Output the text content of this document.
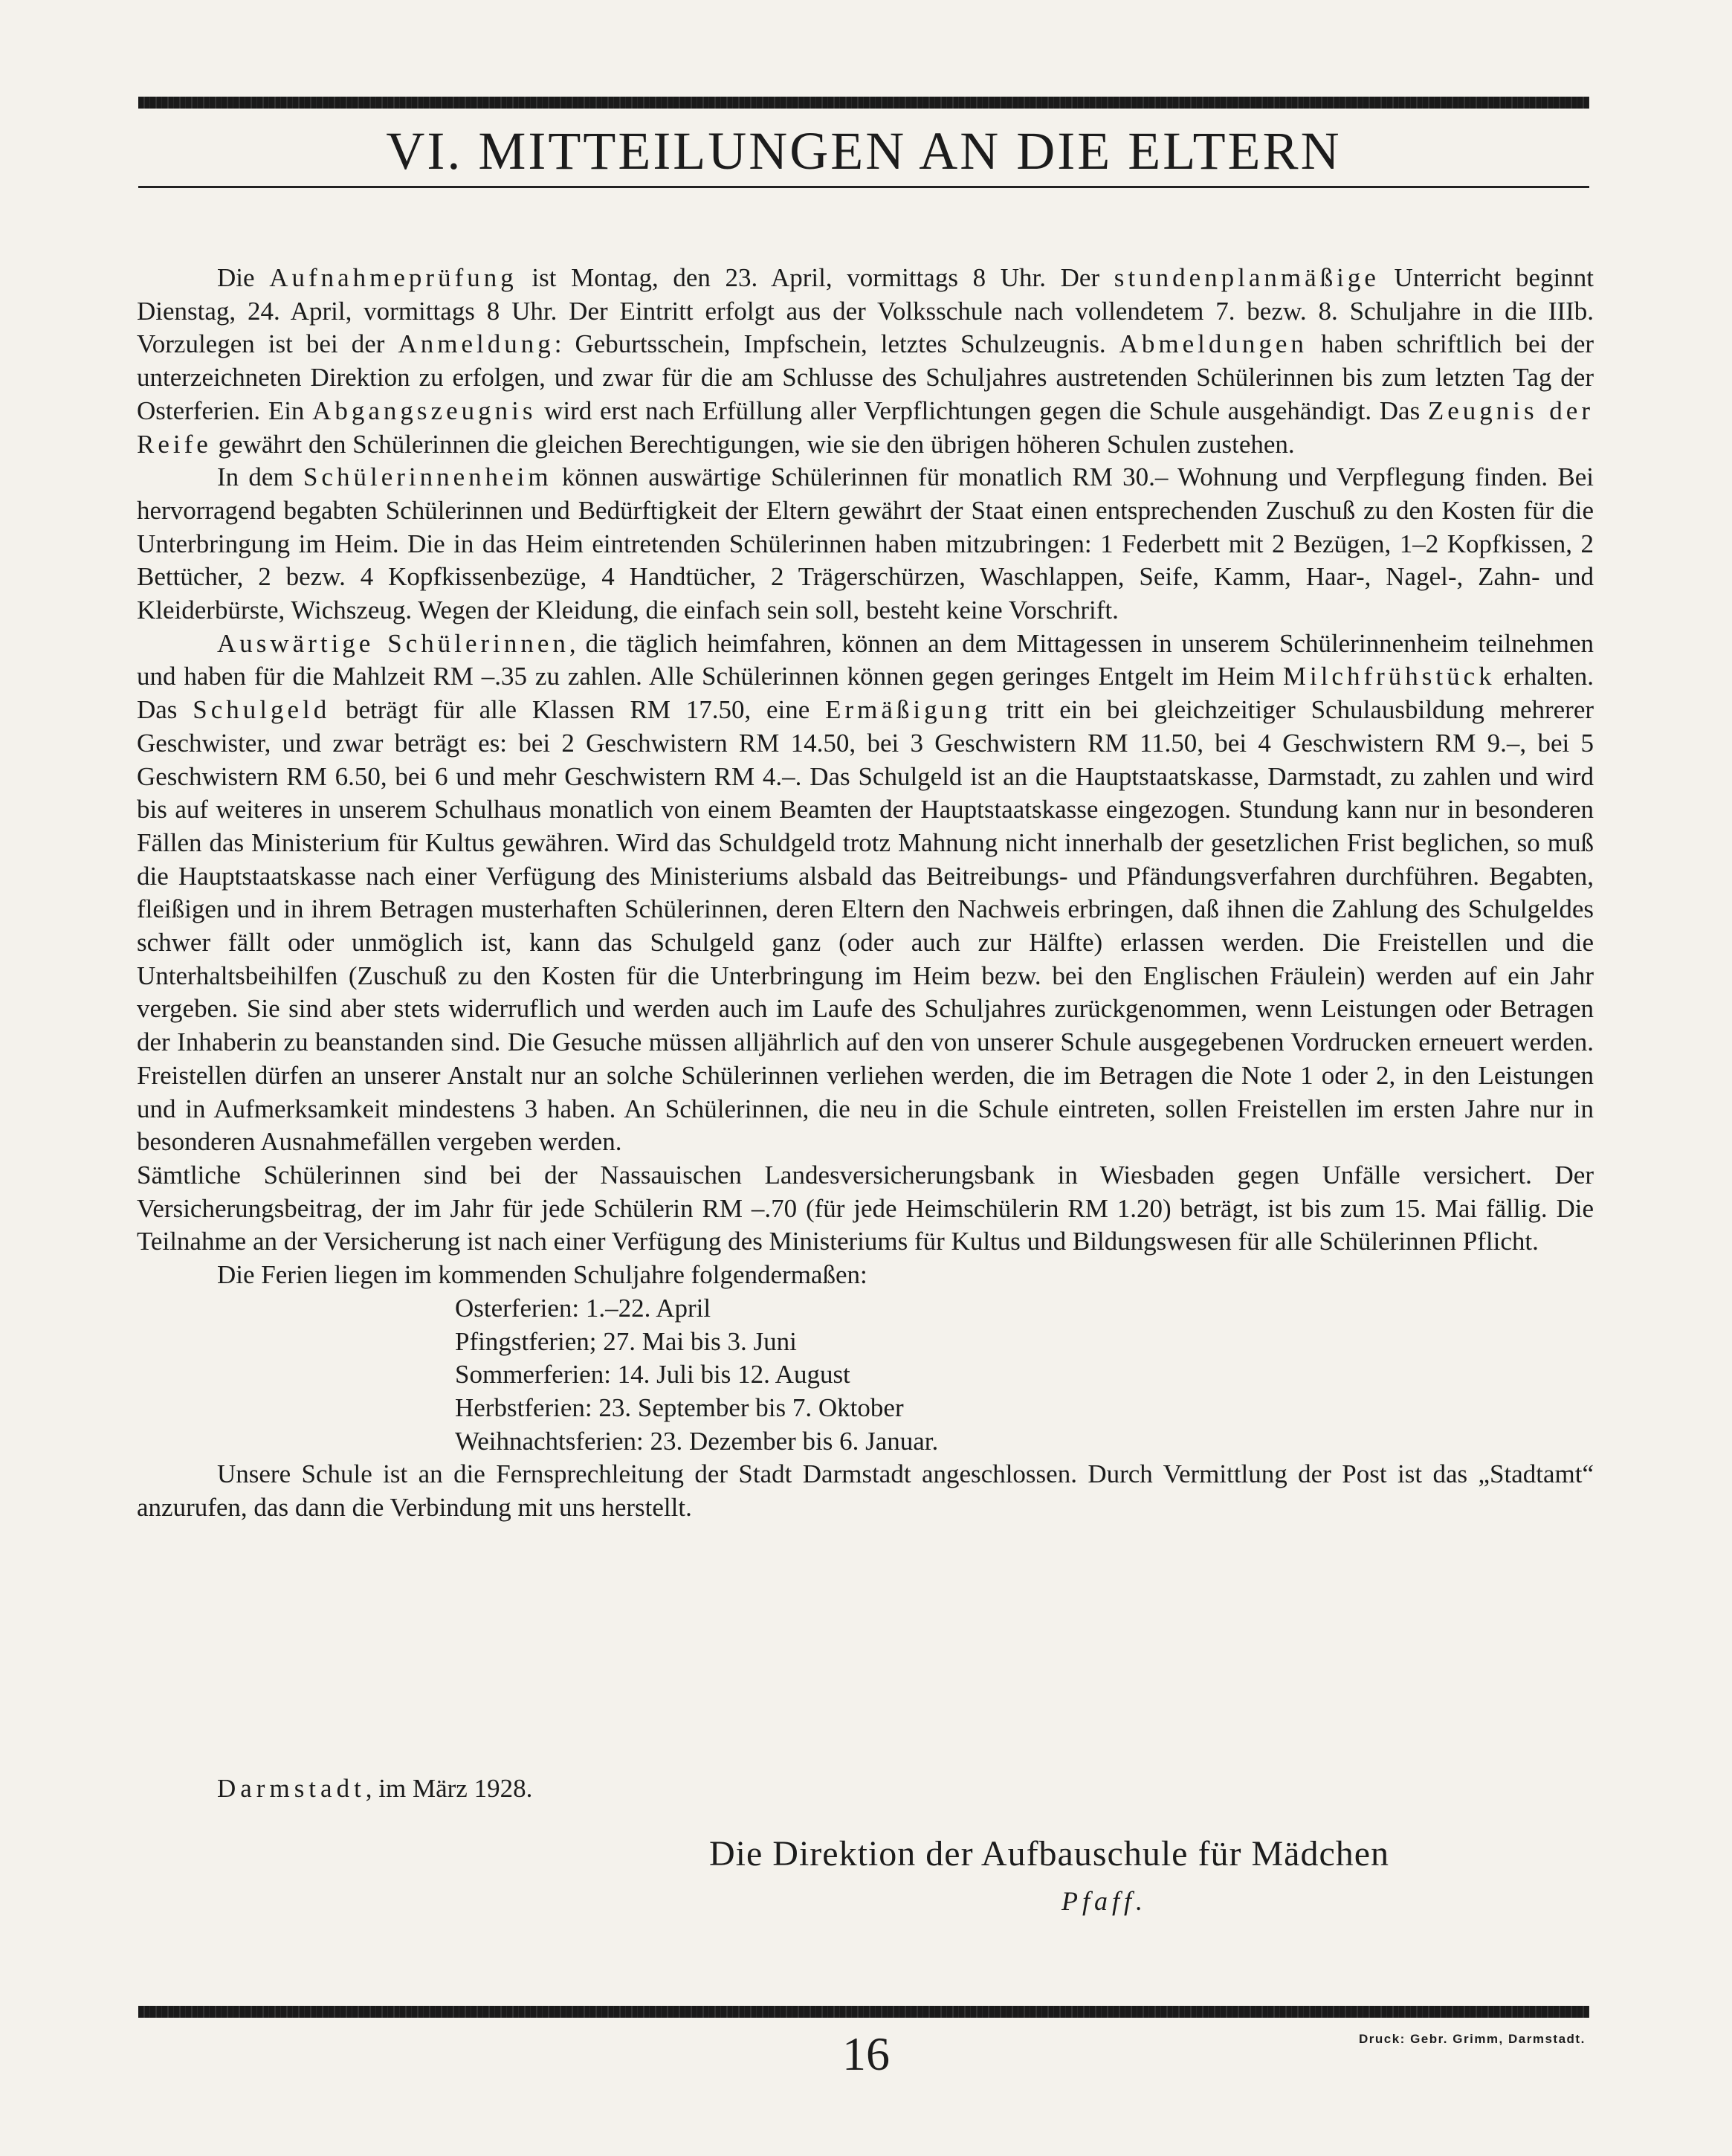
VI. MITTEILUNGEN AN DIE ELTERN

Die Aufnahmeprüfung ist Montag, den 23. April, vormittags 8 Uhr. Der stundenplanmäßige Unterricht beginnt Dienstag, 24. April, vormittags 8 Uhr. Der Eintritt erfolgt aus der Volksschule nach vollendetem 7. bezw. 8. Schuljahre in die IIIb. Vorzulegen ist bei der Anmeldung: Geburtsschein, Impfschein, letztes Schulzeugnis. Abmeldungen haben schriftlich bei der unterzeichneten Direktion zu erfolgen, und zwar für die am Schlusse des Schuljahres austretenden Schülerinnen bis zum letzten Tag der Osterferien. Ein Abgangszeugnis wird erst nach Erfüllung aller Verpflichtungen gegen die Schule ausgehändigt. Das Zeugnis der Reife gewährt den Schülerinnen die gleichen Berechtigungen, wie sie den übrigen höheren Schulen zustehen.

In dem Schülerinnenheim können auswärtige Schülerinnen für monatlich RM 30.– Wohnung und Verpflegung finden. Bei hervorragend begabten Schülerinnen und Bedürftigkeit der Eltern gewährt der Staat einen entsprechenden Zuschuß zu den Kosten für die Unterbringung im Heim. Die in das Heim eintretenden Schülerinnen haben mitzubringen: 1 Federbett mit 2 Bezügen, 1–2 Kopfkissen, 2 Bettücher, 2 bezw. 4 Kopfkissenbezüge, 4 Handtücher, 2 Trägerschürzen, Waschlappen, Seife, Kamm, Haar-, Nagel-, Zahn- und Kleiderbürste, Wichszeug. Wegen der Kleidung, die einfach sein soll, besteht keine Vorschrift.

Auswärtige Schülerinnen, die täglich heimfahren, können an dem Mittagessen in unserem Schülerinnenheim teilnehmen und haben für die Mahlzeit RM –.35 zu zahlen. Alle Schülerinnen können gegen geringes Entgelt im Heim Milchfrühstück erhalten. Das Schulgeld beträgt für alle Klassen RM 17.50, eine Ermäßigung tritt ein bei gleichzeitiger Schulausbildung mehrerer Geschwister, und zwar beträgt es: bei 2 Geschwistern RM 14.50, bei 3 Geschwistern RM 11.50, bei 4 Geschwistern RM 9.–, bei 5 Geschwistern RM 6.50, bei 6 und mehr Geschwistern RM 4.–. Das Schulgeld ist an die Hauptstaatskasse, Darmstadt, zu zahlen und wird bis auf weiteres in unserem Schulhaus monatlich von einem Beamten der Hauptstaatskasse eingezogen. Stundung kann nur in besonderen Fällen das Ministerium für Kultus gewähren. Wird das Schuldgeld trotz Mahnung nicht innerhalb der gesetzlichen Frist beglichen, so muß die Hauptstaatskasse nach einer Verfügung des Ministeriums alsbald das Beitreibungs- und Pfändungsverfahren durchführen. Begabten, fleißigen und in ihrem Betragen musterhaften Schülerinnen, deren Eltern den Nachweis erbringen, daß ihnen die Zahlung des Schulgeldes schwer fällt oder unmöglich ist, kann das Schulgeld ganz (oder auch zur Hälfte) erlassen werden. Die Freistellen und die Unterhaltsbeihilfen (Zuschuß zu den Kosten für die Unterbringung im Heim bezw. bei den Englischen Fräulein) werden auf ein Jahr vergeben. Sie sind aber stets widerruflich und werden auch im Laufe des Schuljahres zurückgenommen, wenn Leistungen oder Betragen der Inhaberin zu beanstanden sind. Die Gesuche müssen alljährlich auf den von unserer Schule ausgegebenen Vordrucken erneuert werden. Freistellen dürfen an unserer Anstalt nur an solche Schülerinnen verliehen werden, die im Betragen die Note 1 oder 2, in den Leistungen und in Aufmerksamkeit mindestens 3 haben. An Schülerinnen, die neu in die Schule eintreten, sollen Freistellen im ersten Jahre nur in besonderen Ausnahmefällen vergeben werden.

Sämtliche Schülerinnen sind bei der Nassauischen Landesversicherungsbank in Wiesbaden gegen Unfälle versichert. Der Versicherungsbeitrag, der im Jahr für jede Schülerin RM –.70 (für jede Heimschülerin RM 1.20) beträgt, ist bis zum 15. Mai fällig. Die Teilnahme an der Versicherung ist nach einer Verfügung des Ministeriums für Kultus und Bildungswesen für alle Schülerinnen Pflicht.

Die Ferien liegen im kommenden Schuljahre folgendermaßen:

Osterferien: 1.–22. April
Pfingstferien; 27. Mai bis 3. Juni
Sommerferien: 14. Juli bis 12. August
Herbstferien: 23. September bis 7. Oktober
Weihnachtsferien: 23. Dezember bis 6. Januar.

Unsere Schule ist an die Fernsprechleitung der Stadt Darmstadt angeschlossen. Durch Vermittlung der Post ist das „Stadtamt“ anzurufen, das dann die Verbindung mit uns herstellt.

Darmstadt, im März 1928.
Die Direktion der Aufbauschule für Mädchen
Pfaff.
16	Druck: Gebr. Grimm, Darmstadt.
